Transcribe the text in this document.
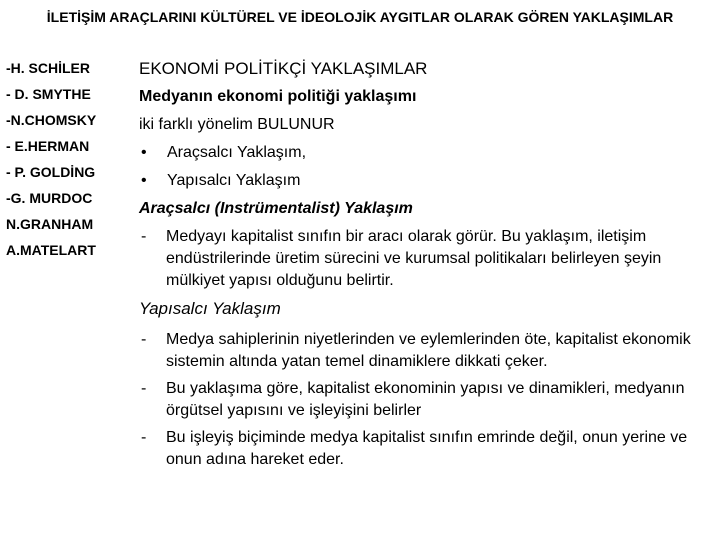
İLETİŞİM ARAÇLARINI KÜLTÜREL VE İDEOLOJİK AYGITLAR OLARAK GÖREN YAKLAŞIMLAR
-H. SCHİLER
- D. SMYTHE
-N.CHOMSKY
- E.HERMAN
- P. GOLDİNG
-G. MURDOC
N.GRANHAM
A.MATELART
EKONOMİ POLİTİKÇİ YAKLAŞIMLAR
Medyanın ekonomi politiği yaklaşımı
iki farklı yönelim BULUNUR
•	Araçsalcı Yaklaşım,
•	Yapısalcı Yaklaşım
Araçsalcı (Instrümentalist) Yaklaşım
-	Medyayı kapitalist sınıfın bir aracı olarak görür. Bu yaklaşım, iletişim endüstrilerinde üretim sürecini ve kurumsal politikaları belirleyen şeyin mülkiyet yapısı olduğunu belirtir.
Yapısalcı Yaklaşım
-	Medya sahiplerinin niyetlerinden ve eylemlerinden öte, kapitalist ekonomik sistemin altında yatan temel dinamiklere dikkati çeker.
-	Bu yaklaşıma göre, kapitalist ekonominin yapısı ve dinamikleri, medyanın örgütsel yapısını ve işleyişini belirler
-	Bu işleyiş biçiminde medya kapitalist sınıfın emrinde değil, onun yerine ve onun adına hareket eder.
